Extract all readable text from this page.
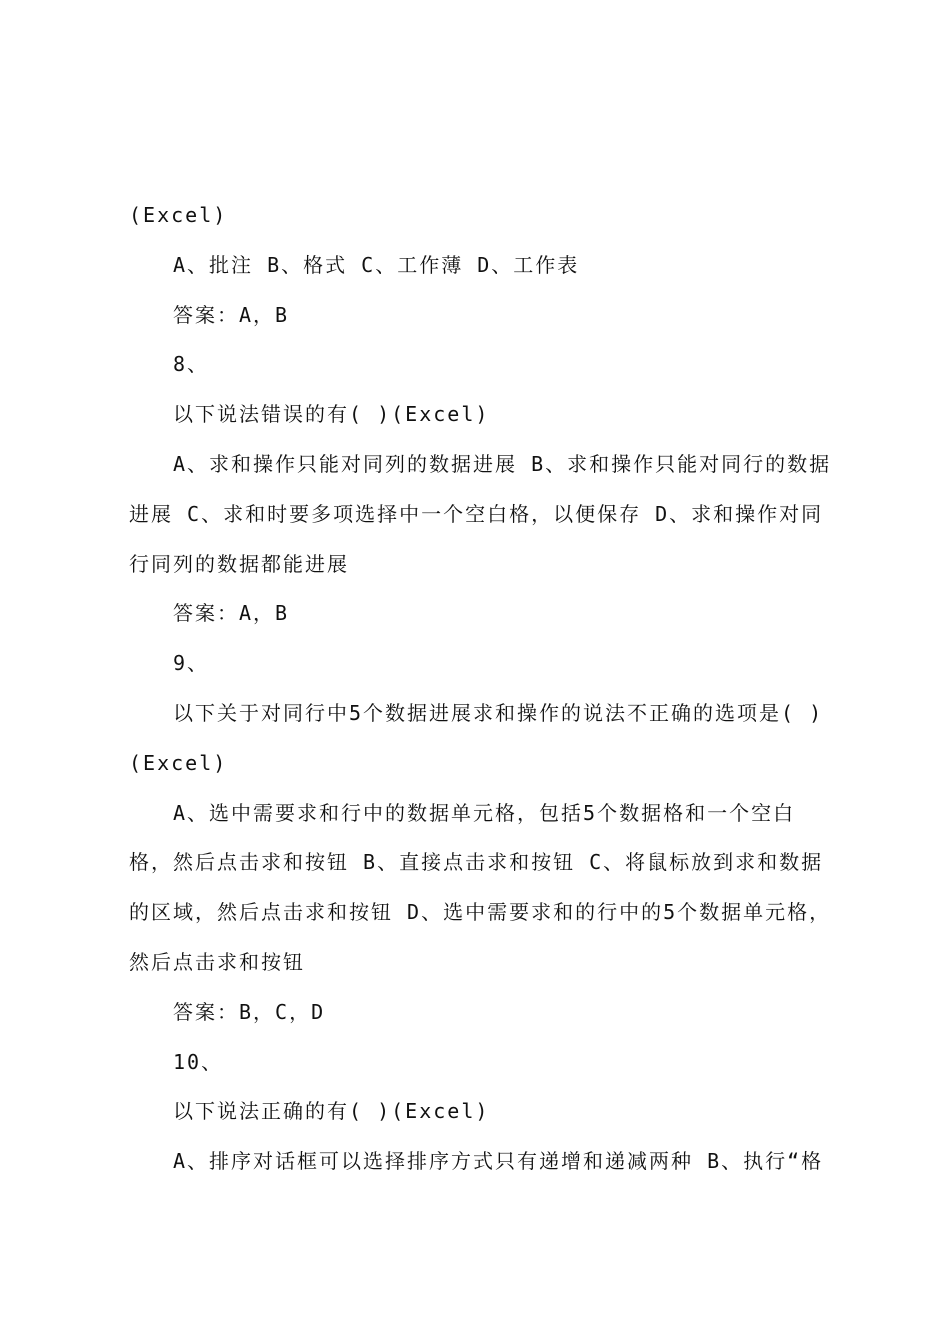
(Excel)

A、批注 B、格式 C、工作薄 D、工作表

答案：A，B

8、

以下说法错误的有( )(Excel)

A、求和操作只能对同列的数据进展 B、求和操作只能对同行的数据进展 C、求和时要多项选择中一个空白格，以便保存 D、求和操作对同行同列的数据都能进展

答案：A，B

9、

以下关于对同行中5个数据进展求和操作的说法不正确的选项是( )(Excel)

A、选中需要求和行中的数据单元格，包括5个数据格和一个空白格，然后点击求和按钮 B、直接点击求和按钮 C、将鼠标放到求和数据的区域，然后点击求和按钮 D、选中需要求和的行中的5个数据单元格，然后点击求和按钮

答案：B，C，D

10、

以下说法正确的有( )(Excel)

A、排序对话框可以选择排序方式只有递增和递减两种 B、执行“格
